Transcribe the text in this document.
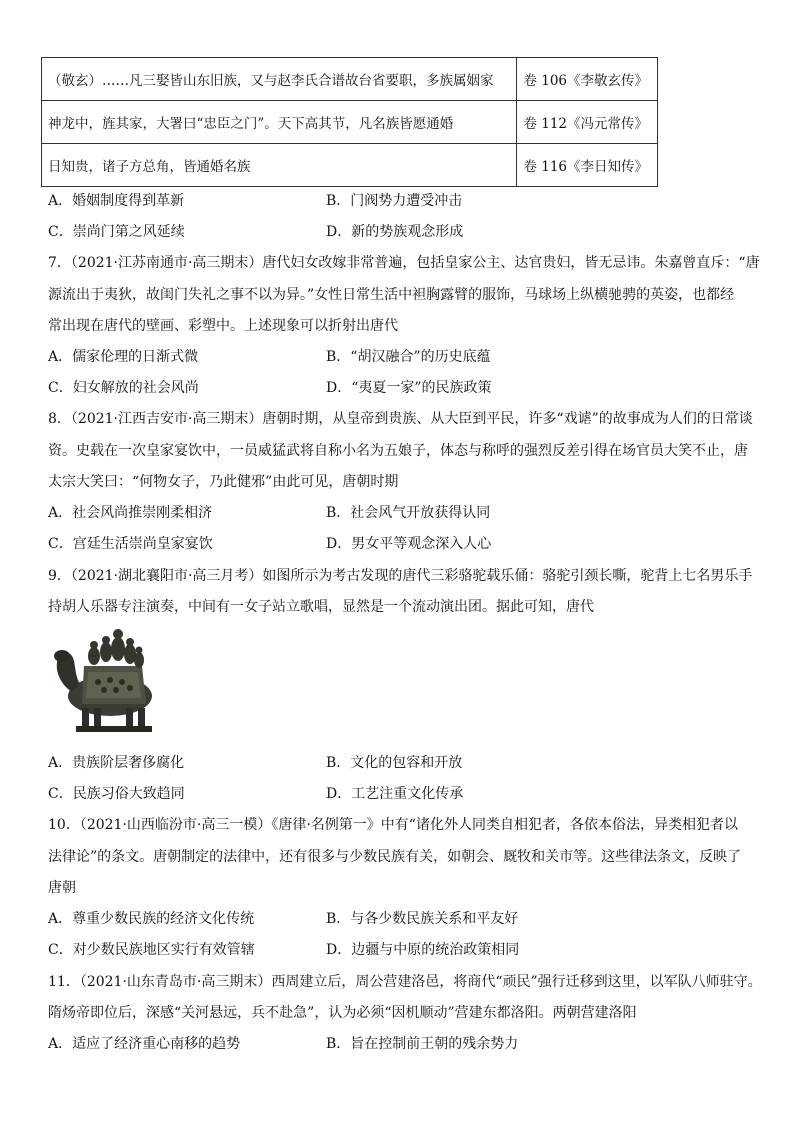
（敬玄）……凡三娶皆山东旧族，又与赵李氏合谱故台省要职，多族属姻家	卷 106《李敬玄传》
神龙中，旌其家，大署曰“忠臣之门”。天下高其节，凡名族皆愿通婚	卷 112《冯元常传》
日知贵，诸子方总角，皆通婚名族	卷 116《李日知传》
A．婚姻制度得到革新	B．门阀势力遭受冲击
C．崇尚门第之风延续	D．新的势族观念形成
7．（2021·江苏南通市·高三期末）唐代妇女改嫁非常普遍，包括皇家公主、达官贵妇，皆无忌讳。朱嘉曾直斥：“唐
源流出于夷狄，故闺门失礼之事不以为异。”女性日常生活中袒胸露臂的服饰，马球场上纵横驰骋的英姿，也都经
常出现在唐代的壁画、彩塑中。上述现象可以折射出唐代
A．儒家伦理的日渐式微	B．“胡汉融合”的历史底蕴
C．妇女解放的社会风尚	D．“夷夏一家”的民族政策
8．（2021·江西吉安市·高三期末）唐朝时期，从皇帝到贵族、从大臣到平民，许多“戏谑”的故事成为人们的日常谈
资。史载在一次皇家宴饮中，一员威猛武将自称小名为五娘子，体态与称呼的强烈反差引得在场官员大笑不止，唐
太宗大笑曰：“何物女子，乃此健邪”由此可见，唐朝时期
A．社会风尚推崇刚柔相济	B．社会风气开放获得认同
C．宫廷生活崇尚皇家宴饮	D．男女平等观念深入人心
9．（2021·湖北襄阳市·高三月考）如图所示为考古发现的唐代三彩骆驼载乐俑：骆驼引颈长嘶，驼背上七名男乐手
持胡人乐器专注演奏，中间有一女子站立歌唱，显然是一个流动演出团。据此可知，唐代
A．贵族阶层奢侈腐化	B．文化的包容和开放
C．民族习俗大致趋同	D．工艺注重文化传承
10．（2021·山西临汾市·高三一模）《唐律·名例第一》中有“诸化外人同类自相犯者，各依本俗法，异类相犯者以
法律论”的条文。唐朝制定的法律中，还有很多与少数民族有关，如朝会、厩牧和关市等。这些律法条文，反映了
唐朝
A．尊重少数民族的经济文化传统	B．与各少数民族关系和平友好
C．对少数民族地区实行有效管辖	D．边疆与中原的统治政策相同
11．（2021·山东青岛市·高三期末）西周建立后，周公营建洛邑，将商代“顽民”强行迁移到这里，以军队八师驻守。
隋炀帝即位后，深感“关河悬远，兵不赴急”，认为必须“因机顺动”营建东都洛阳。两朝营建洛阳
A．适应了经济重心南移的趋势	B．旨在控制前王朝的残余势力
